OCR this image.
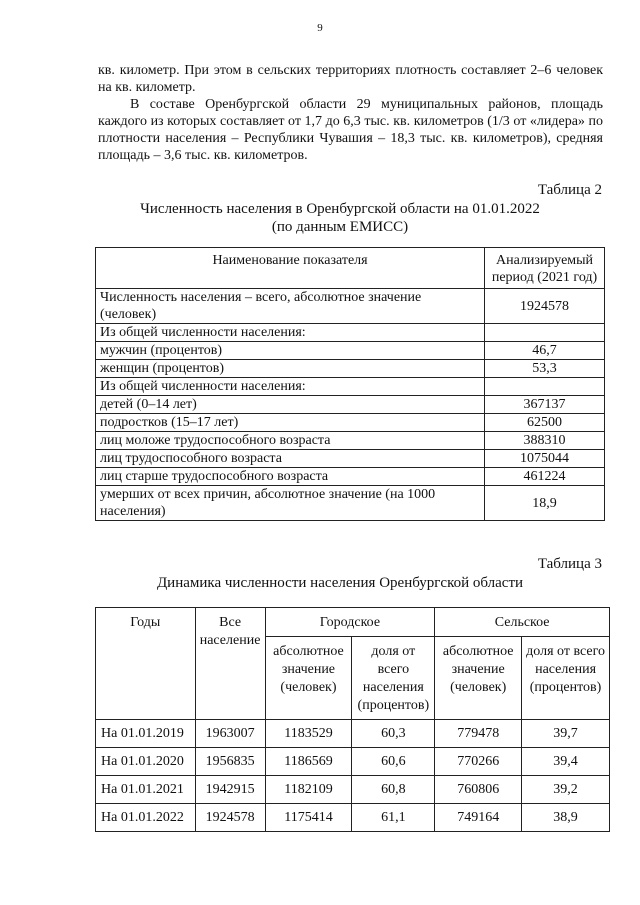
9

кв. километр. При этом в сельских территориях плотность составляет 2–6 человек на кв. километр.

В составе Оренбургской области 29 муниципальных районов, площадь каждого из которых составляет от 1,7 до 6,3 тыс. кв. километров (1/3 от «лидера» по плотности населения – Республики Чувашия – 18,3 тыс. кв. километров), средняя площадь – 3,6 тыс. кв. километров.

Таблица 2
Численность населения в Оренбургской области на 01.01.2022
(по данным ЕМИСС)
Наименование показателя	Анализируемый период (2021 год)
Численность населения – всего, абсолютное значение (человек)	1924578
Из общей численности населения:	
мужчин (процентов)	46,7
женщин (процентов)	53,3
Из общей численности населения:	
детей (0–14 лет)	367137
подростков (15–17 лет)	62500
лиц моложе трудоспособного возраста	388310
лиц трудоспособного возраста	1075044
лиц старше трудоспособного возраста	461224
умерших от всех причин, абсолютное значение (на 1000 населения)	18,9
Таблица 3
Динамика численности населения Оренбургской области
Годы	Все население	Городское		Сельское	
		абсолютное значение (человек)	доля от всего населения (процентов)	абсолютное значение (человек)	доля от всего населения (процентов)
На 01.01.2019	1963007	1183529	60,3	779478	39,7
На 01.01.2020	1956835	1186569	60,6	770266	39,4
На 01.01.2021	1942915	1182109	60,8	760806	39,2
На 01.01.2022	1924578	1175414	61,1	749164	38,9
